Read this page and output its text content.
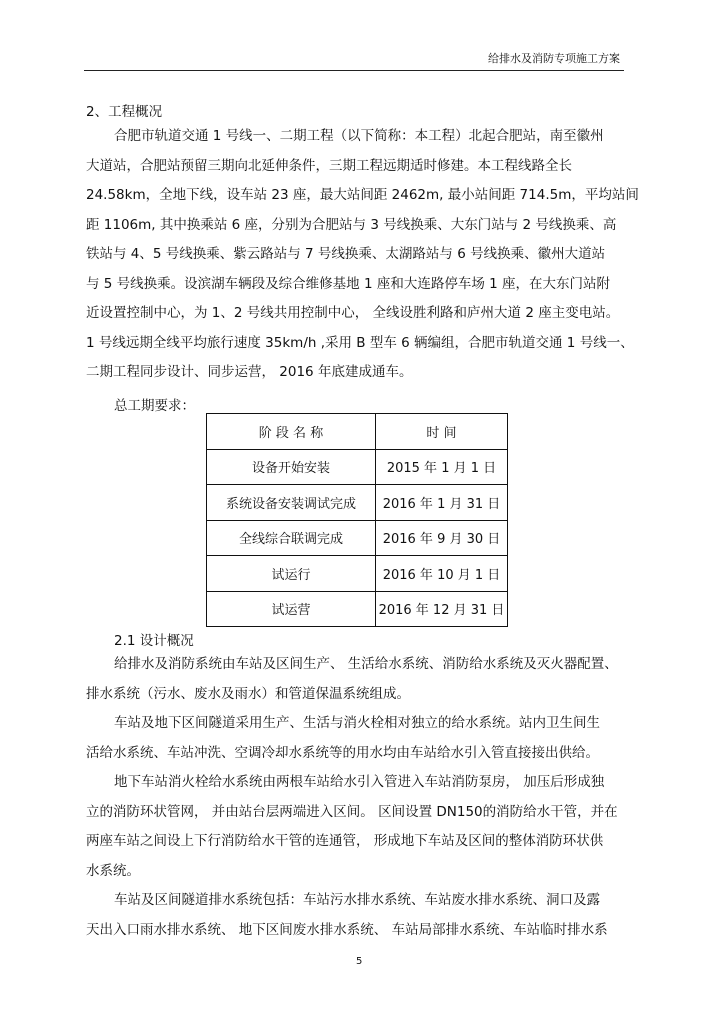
给排水及消防专项施工方案
2、工程概况
合肥市轨道交通 1 号线一、二期工程（以下简称：本工程）北起合肥站，南至徽州
大道站，合肥站预留三期向北延伸条件，三期工程远期适时修建。本工程线路全长
24.58km，全地下线，设车站 23 座，最大站间距 2462m, 最小站间距 714.5m，平均站间
距 1106m, 其中换乘站 6 座，分别为合肥站与 3 号线换乘、大东门站与 2 号线换乘、高
铁站与 4、5 号线换乘、紫云路站与 7 号线换乘、太湖路站与 6 号线换乘、徽州大道站
与 5 号线换乘。设滨湖车辆段及综合维修基地 1 座和大连路停车场 1 座，在大东门站附
近设置控制中心，为 1、2 号线共用控制中心， 全线设胜利路和庐州大道 2 座主变电站。
1 号线远期全线平均旅行速度 35km/h ,采用 B 型车 6 辆编组，合肥市轨道交通 1 号线一、
二期工程同步设计、同步运营， 2016 年底建成通车。
总工期要求：
阶 段 名 称	时 间
设备开始安装	2015 年 1 月 1 日
系统设备安装调试完成	2016 年 1 月 31 日
全线综合联调完成	2016 年 9 月 30 日
试运行	2016 年 10 月 1 日
试运营	2016 年 12 月 31 日
2.1 设计概况
给排水及消防系统由车站及区间生产、 生活给水系统、消防给水系统及灭火器配置、
排水系统（污水、废水及雨水）和管道保温系统组成。
车站及地下区间隧道采用生产、生活与消火栓相对独立的给水系统。站内卫生间生
活给水系统、车站冲洗、空调冷却水系统等的用水均由车站给水引入管直接接出供给。
地下车站消火栓给水系统由两根车站给水引入管进入车站消防泵房， 加压后形成独
立的消防环状管网， 并由站台层两端进入区间。 区间设置 DN150的消防给水干管，并在
两座车站之间设上下行消防给水干管的连通管， 形成地下车站及区间的整体消防环状供
水系统。
车站及区间隧道排水系统包括：车站污水排水系统、车站废水排水系统、洞口及露
天出入口雨水排水系统、 地下区间废水排水系统、 车站局部排水系统、车站临时排水系
5
